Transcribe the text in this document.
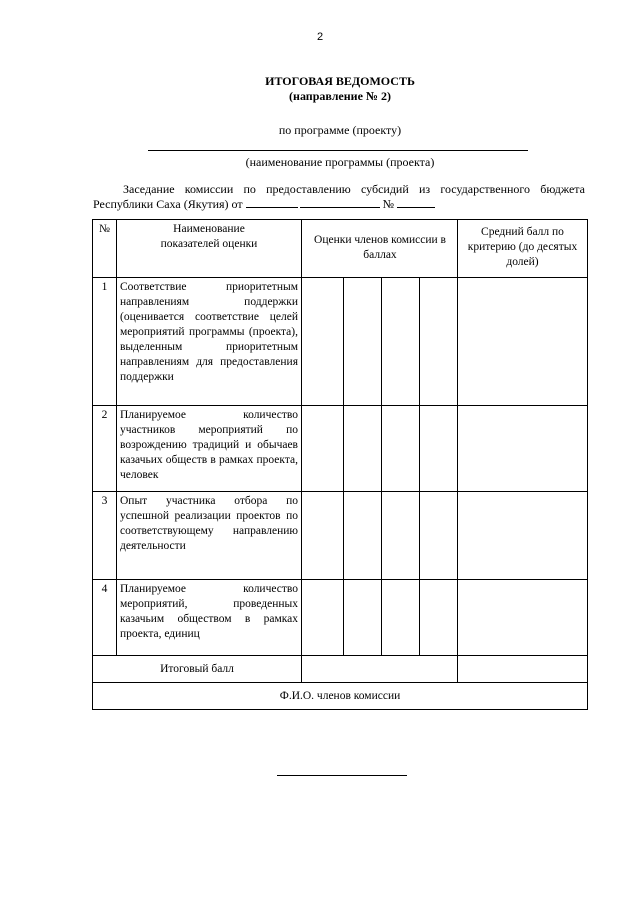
2
ИТОГОВАЯ ВЕДОМОСТЬ
(направление № 2)
по программе (проекту)
(наименование программы (проекта)
Заседание комиссии по предоставлению субсидий из государственного бюджета Республики Саха (Якутия) от	№
№	Наименование показателей оценки	Оценки членов комиссии в баллах				Средний балл по критерию (до десятых долей)

1	Соответствие приоритетным направлениям поддержки (оценивается соответствие целей мероприятий программы (проекта), выделенным приоритетным направлениям для предоставления поддержки					
2	Планируемое количество участников мероприятий по возрождению традиций и обычаев казачьих обществ в рамках проекта, человек					
3	Опыт участника отбора по успешной реализации проектов по соответствующему направлению деятельности					
4	Планируемое количество мероприятий, проведенных казачьим обществом в рамках проекта, единиц					
Итоговый балл						
Ф.И.О. членов комиссии						
